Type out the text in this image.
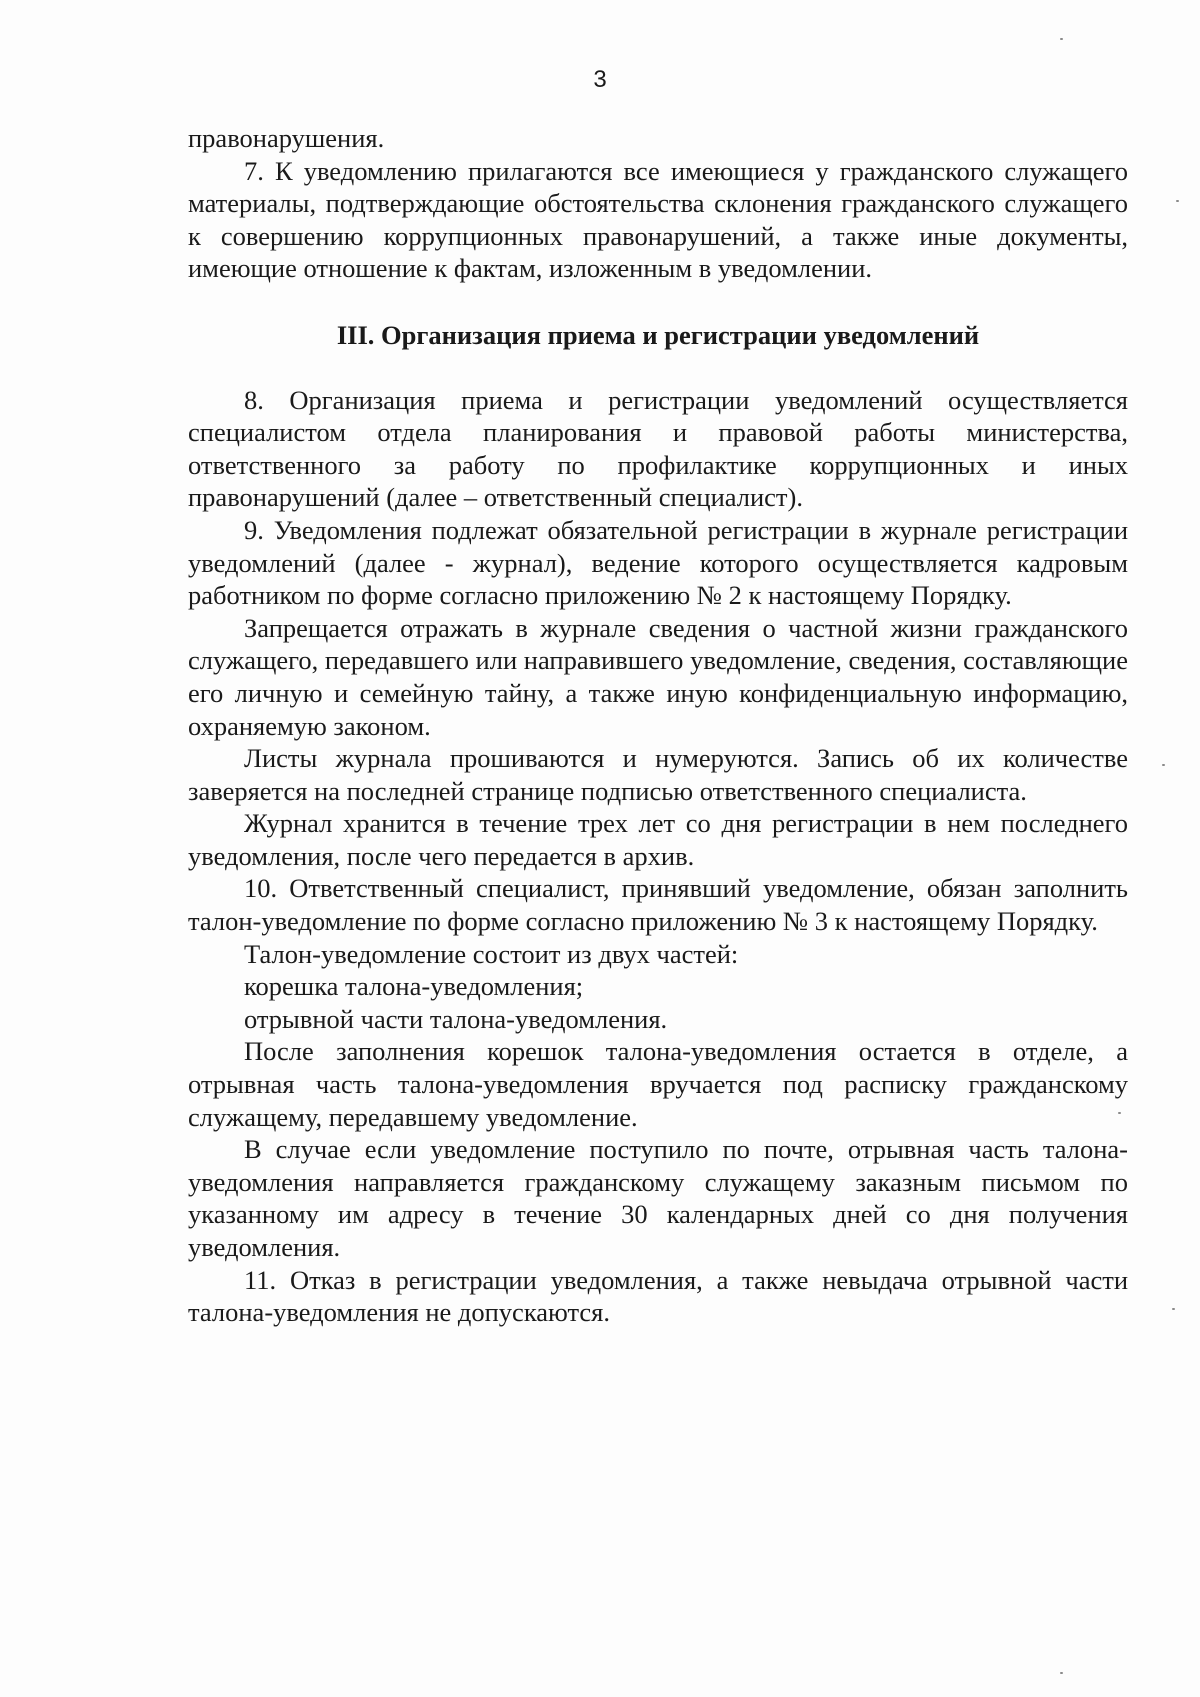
3

правонарушения.

7. К уведомлению прилагаются все имеющиеся у гражданского служащего материалы, подтверждающие обстоятельства склонения гражданского служащего к совершению коррупционных правонарушений, а также иные документы, имеющие отношение к фактам, изложенным в уведомлении.

III. Организация приема и регистрации уведомлений

8. Организация приема и регистрации уведомлений осуществляется специалистом отдела планирования и правовой работы министерства, ответственного за работу по профилактике коррупционных и иных правонарушений (далее – ответственный специалист).

9. Уведомления подлежат обязательной регистрации в журнале регистрации уведомлений (далее - журнал), ведение которого осуществляется кадровым работником по форме согласно приложению № 2 к настоящему Порядку.

Запрещается отражать в журнале сведения о частной жизни гражданского служащего, передавшего или направившего уведомление, сведения, составляющие его личную и семейную тайну, а также иную конфиденциальную информацию, охраняемую законом.

Листы журнала прошиваются и нумеруются. Запись об их количестве заверяется на последней странице подписью ответственного специалиста.

Журнал хранится в течение трех лет со дня регистрации в нем последнего уведомления, после чего передается в архив.

10. Ответственный специалист, принявший уведомление, обязан заполнить талон-уведомление по форме согласно приложению № 3 к настоящему Порядку.

Талон-уведомление состоит из двух частей:

корешка талона-уведомления;

отрывной части талона-уведомления.

После заполнения корешок талона-уведомления остается в отделе, а отрывная часть талона-уведомления вручается под расписку гражданскому служащему, передавшему уведомление.

В случае если уведомление поступило по почте, отрывная часть талона-уведомления направляется гражданскому служащему заказным письмом по указанному им адресу в течение 30 календарных дней со дня получения уведомления.

11. Отказ в регистрации уведомления, а также невыдача отрывной части талона-уведомления не допускаются.
